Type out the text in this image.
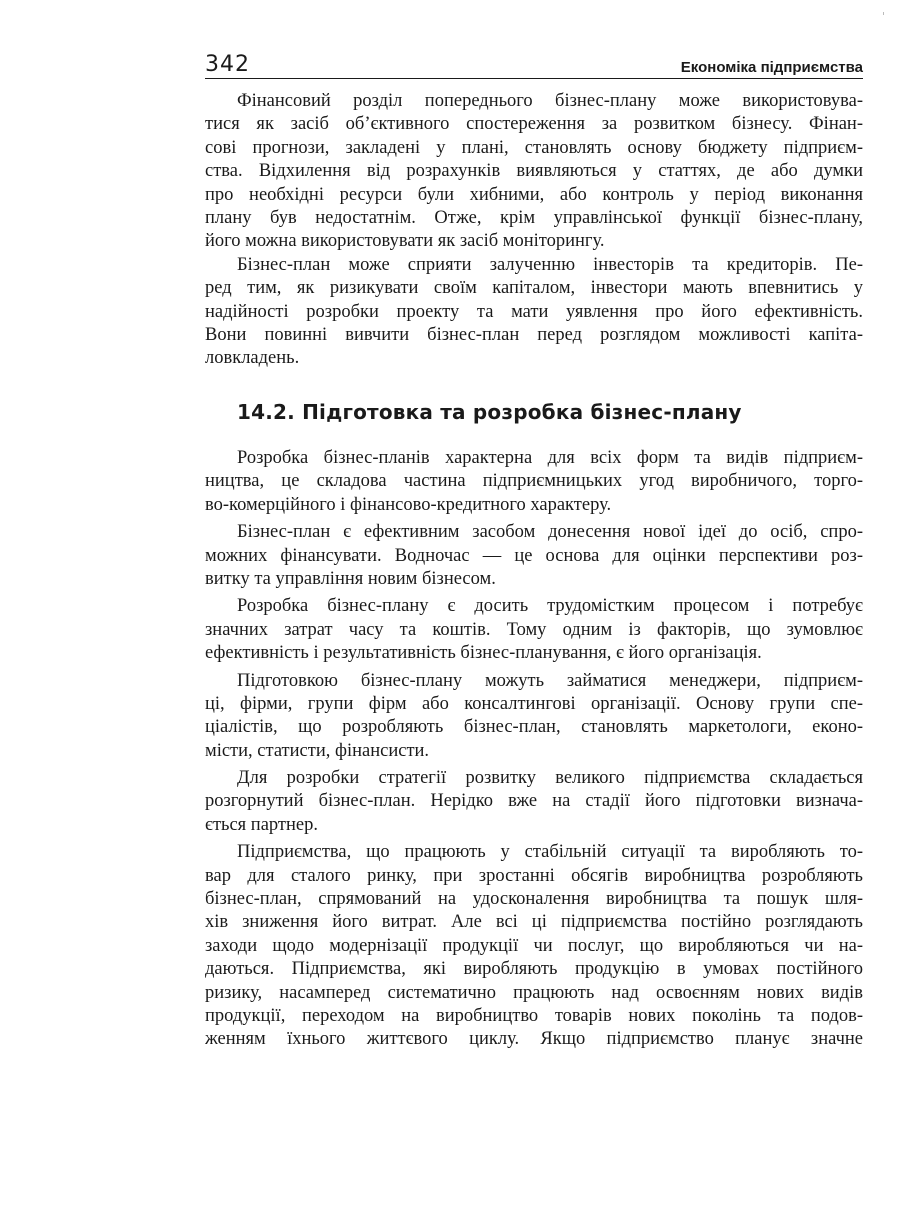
342	Економіка підприємства
Фінансовий розділ попереднього бізнес-плану може використовува-
тися як засіб об’єктивного спостереження за розвитком бізнесу. Фінан-
сові прогнози, закладені у плані, становлять основу бюджету підприєм-
ства. Відхилення від розрахунків виявляються у статтях, де або думки
про необхідні ресурси були хибними, або контроль у період виконання
плану був недостатнім. Отже, крім управлінської функції бізнес-плану,
його можна використовувати як засіб моніторингу.
Бізнес-план може сприяти залученню інвесторів та кредиторів. Пе-
ред тим, як ризикувати своїм капіталом, інвестори мають впевнитись у
надійності розробки проекту та мати уявлення про його ефективність.
Вони повинні вивчити бізнес-план перед розглядом можливості капіта-
ловкладень.
14.2. Підготовка та розробка бізнес-плану
Розробка бізнес-планів характерна для всіх форм та видів підприєм-
ництва, це складова частина підприємницьких угод виробничого, торго-
во-комерційного і фінансово-кредитного характеру.
Бізнес-план є ефективним засобом донесення нової ідеї до осіб, спро-
можних фінансувати. Водночас — це основа для оцінки перспективи роз-
витку та управління новим бізнесом.
Розробка бізнес-плану є досить трудомістким процесом і потребує
значних затрат часу та коштів. Тому одним із факторів, що зумовлює
ефективність і результативність бізнес-планування, є його організація.
Підготовкою бізнес-плану можуть займатися менеджери, підприєм-
ці, фірми, групи фірм або консалтингові організації. Основу групи спе-
ціалістів, що розробляють бізнес-план, становлять маркетологи, еконо-
місти, статисти, фінансисти.
Для розробки стратегії розвитку великого підприємства складається
розгорнутий бізнес-план. Нерідко вже на стадії його підготовки визнача-
ється партнер.
Підприємства, що працюють у стабільній ситуації та виробляють то-
вар для сталого ринку, при зростанні обсягів виробництва розробляють
бізнес-план, спрямований на удосконалення виробництва та пошук шля-
хів зниження його витрат. Але всі ці підприємства постійно розглядають
заходи щодо модернізації продукції чи послуг, що виробляються чи на-
даються. Підприємства, які виробляють продукцію в умовах постійного
ризику, насамперед систематично працюють над освоєнням нових видів
продукції, переходом на виробництво товарів нових поколінь та подов-
женням їхнього життєвого циклу. Якщо підприємство планує значне
